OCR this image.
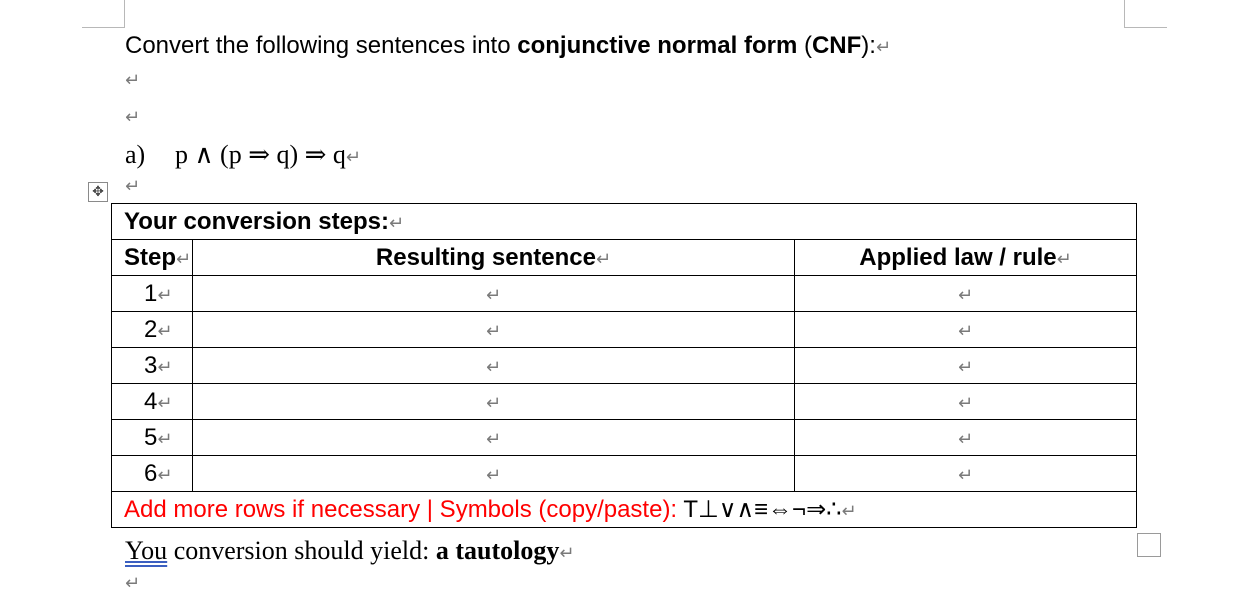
Convert the following sentences into conjunctive normal form (CNF):↵
↵
↵
a) p ∧ (p ⇒ q) ⇒ q↵
✥ ↵
Your conversion steps:↵		
Step↵	Resulting sentence↵	Applied law / rule↵
1↵	↵	↵
2↵	↵	↵
3↵	↵	↵
4↵	↵	↵
5↵	↵	↵
6↵	↵	↵
Add more rows if necessary | Symbols (copy/paste): T⊥∨∧≡⇔¬⇒∴↵		
You conversion should yield: a tautology↵
↵
